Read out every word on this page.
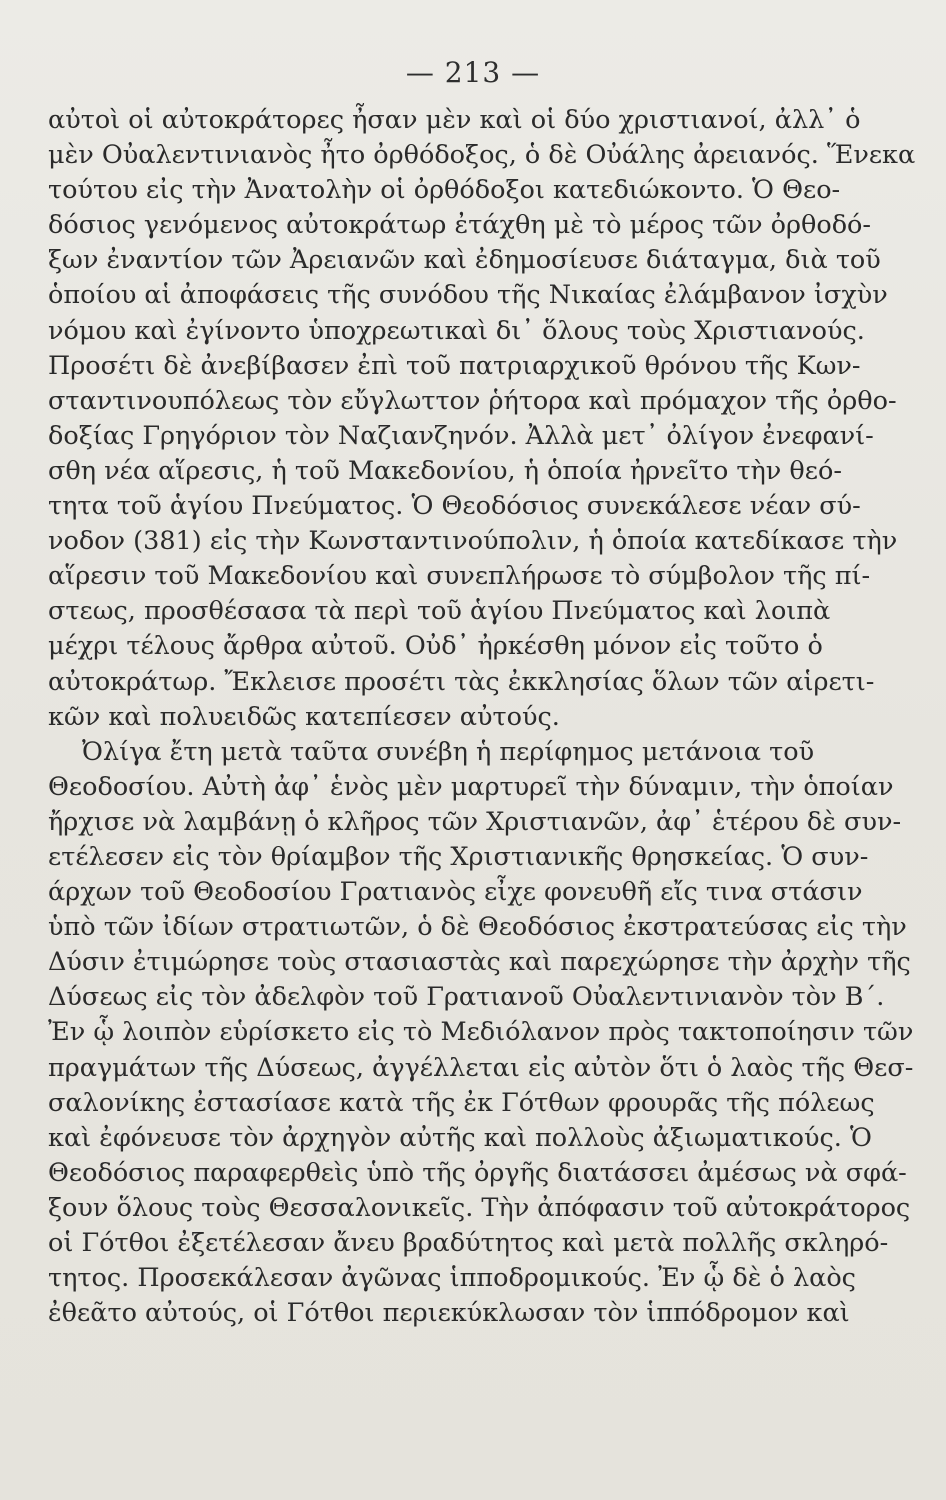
— 213 —
αὐτοὶ οἱ αὐτοκράτορες ἦσαν μὲν καὶ οἱ δύο χριστιανοί, ἀλλ᾽ ὁ
μὲν Οὐαλεντινιανὸς ἦτο ὀρθόδοξος, ὁ δὲ Οὐάλης ἀρειανός. Ἕνεκα
τούτου εἰς τὴν Ἀνατολὴν οἱ ὀρθόδοξοι κατεδιώκοντο. Ὁ Θεο-
δόσιος γενόμενος αὐτοκράτωρ ἐτάχθη μὲ τὸ μέρος τῶν ὀρθοδό-
ξων ἐναντίον τῶν Ἀρειανῶν καὶ ἐδημοσίευσε διάταγμα, διὰ τοῦ
ὁποίου αἱ ἀποφάσεις τῆς συνόδου τῆς Νικαίας ἐλάμβανον ἰσχὺν
νόμου καὶ ἐγίνοντο ὑποχρεωτικαὶ δι᾽ ὅλους τοὺς Χριστιανούς.
Προσέτι δὲ ἀνεβίβασεν ἐπὶ τοῦ πατριαρχικοῦ θρόνου τῆς Κων-
σταντινουπόλεως τὸν εὔγλωττον ῥήτορα καὶ πρόμαχον τῆς ὀρθο-
δοξίας Γρηγόριον τὸν Ναζιανζηνόν. Ἀλλὰ μετ᾽ ὀλίγον ἐνεφανί-
σθη νέα αἵρεσις, ἡ τοῦ Μακεδονίου, ἡ ὁποία ἠρνεῖτο τὴν θεό-
τητα τοῦ ἁγίου Πνεύματος. Ὁ Θεοδόσιος συνεκάλεσε νέαν σύ-
νοδον (381) εἰς τὴν Κωνσταντινούπολιν, ἡ ὁποία κατεδίκασε τὴν
αἵρεσιν τοῦ Μακεδονίου καὶ συνεπλήρωσε τὸ σύμβολον τῆς πί-
στεως, προσθέσασα τὰ περὶ τοῦ ἁγίου Πνεύματος καὶ λοιπὰ
μέχρι τέλους ἄρθρα αὐτοῦ. Οὐδ᾽ ἠρκέσθη μόνον εἰς τοῦτο ὁ
αὐτοκράτωρ. Ἔκλεισε προσέτι τὰς ἐκκλησίας ὅλων τῶν αἱρετι-
κῶν καὶ πολυειδῶς κατεπίεσεν αὐτούς.
Ὀλίγα ἔτη μετὰ ταῦτα συνέβη ἡ περίφημος μετάνοια τοῦ
Θεοδοσίου. Αὐτὴ ἀφ᾽ ἑνὸς μὲν μαρτυρεῖ τὴν δύναμιν, τὴν ὁποίαν
ἤρχισε νὰ λαμβάνῃ ὁ κλῆρος τῶν Χριστιανῶν, ἀφ᾽ ἑτέρου δὲ συν-
ετέλεσεν εἰς τὸν θρίαμβον τῆς Χριστιανικῆς θρησκείας. Ὁ συν-
άρχων τοῦ Θεοδοσίου Γρατιανὸς εἶχε φονευθῆ εἴς τινα στάσιν
ὑπὸ τῶν ἰδίων στρατιωτῶν, ὁ δὲ Θεοδόσιος ἐκστρατεύσας εἰς τὴν
Δύσιν ἐτιμώρησε τοὺς στασιαστὰς καὶ παρεχώρησε τὴν ἀρχὴν τῆς
Δύσεως εἰς τὸν ἀδελφὸν τοῦ Γρατιανοῦ Οὐαλεντινιανὸν τὸν Β΄.
Ἐν ᾧ λοιπὸν εὑρίσκετο εἰς τὸ Μεδιόλανον πρὸς τακτοποίησιν τῶν
πραγμάτων τῆς Δύσεως, ἀγγέλλεται εἰς αὐτὸν ὅτι ὁ λαὸς τῆς Θεσ-
σαλονίκης ἐστασίασε κατὰ τῆς ἐκ Γότθων φρουρᾶς τῆς πόλεως
καὶ ἐφόνευσε τὸν ἀρχηγὸν αὐτῆς καὶ πολλοὺς ἀξιωματικούς. Ὁ
Θεοδόσιος παραφερθεὶς ὑπὸ τῆς ὀργῆς διατάσσει ἀμέσως νὰ σφά-
ξουν ὅλους τοὺς Θεσσαλονικεῖς. Τὴν ἀπόφασιν τοῦ αὐτοκράτορος
οἱ Γότθοι ἐξετέλεσαν ἄνευ βραδύτητος καὶ μετὰ πολλῆς σκληρό-
τητος. Προσεκάλεσαν ἀγῶνας ἱπποδρομικούς. Ἐν ᾧ δὲ ὁ λαὸς
ἐθεᾶτο αὐτούς, οἱ Γότθοι περιεκύκλωσαν τὸν ἱππόδρομον καὶ
